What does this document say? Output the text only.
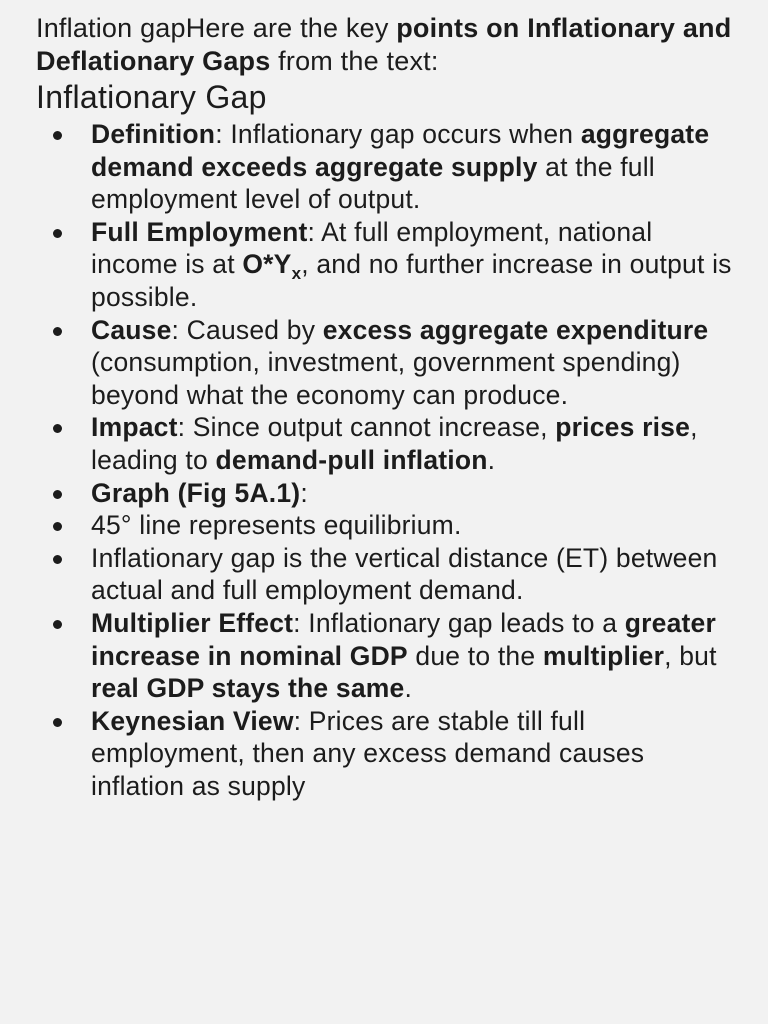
Inflation gapHere are the key points on Inflationary and Deflationary Gaps from the text:

Inflationary Gap
Definition: Inflationary gap occurs when aggregate demand exceeds aggregate supply at the full employment level of output.
Full Employment: At full employment, national income is at $O*Y_x$, and no further increase in output is possible.
Cause: Caused by excess aggregate expenditure (consumption, investment, government spending) beyond what the economy can produce.
Impact: Since output cannot increase, prices rise, leading to demand-pull inflation.
Graph (Fig 5A.1):
45° line represents equilibrium.
Inflationary gap is the vertical distance (ET) between actual and full employment demand.
Multiplier Effect: Inflationary gap leads to a greater increase in nominal GDP due to the multiplier, but real GDP stays the same.
Keynesian View: Prices are stable till full employment, then any excess demand causes inflation as supply
